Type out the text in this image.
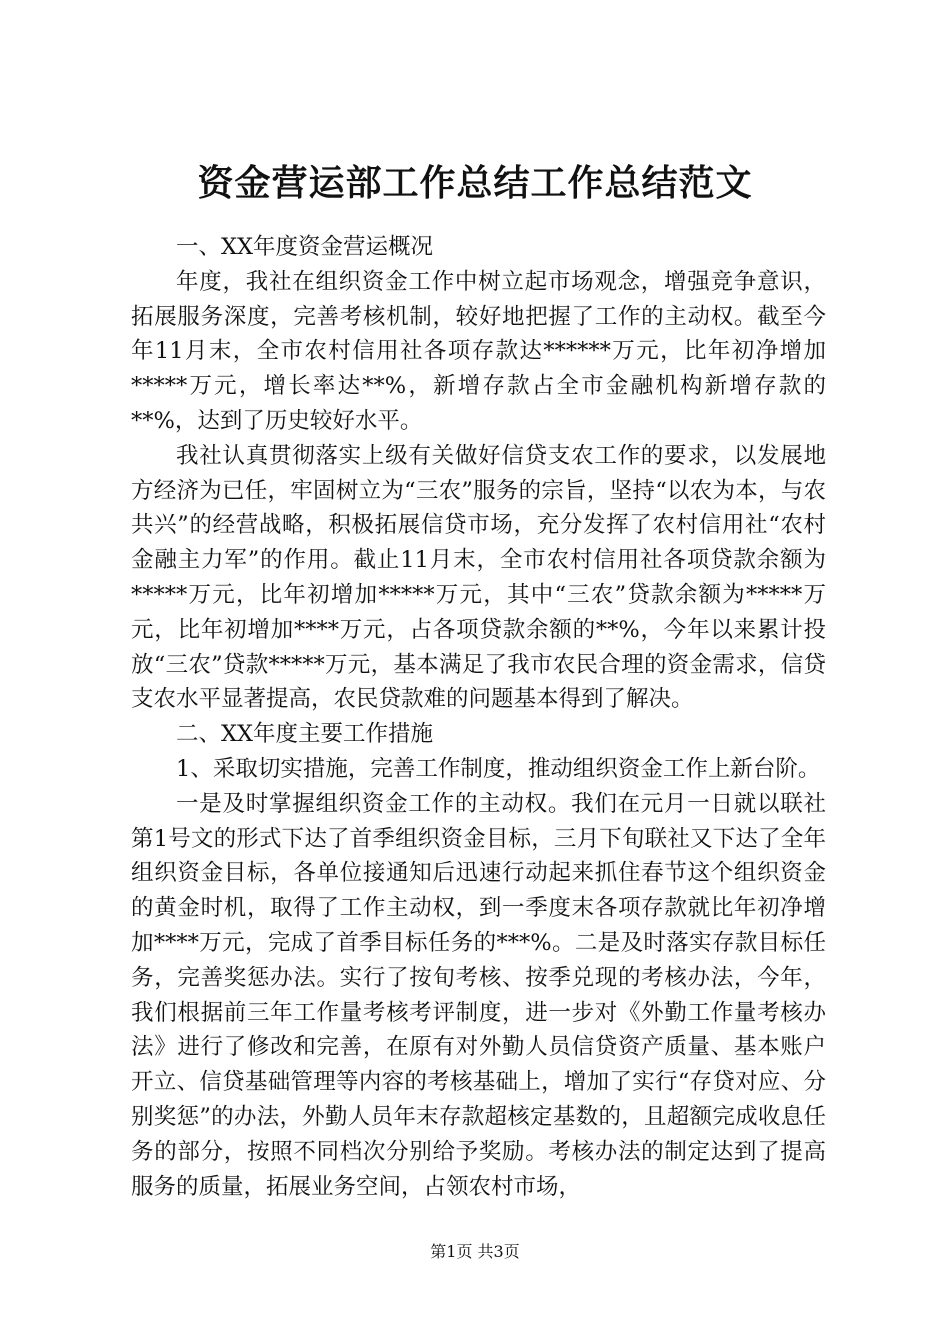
资金营运部工作总结工作总结范文

一、XX年度资金营运概况

年度，我社在组织资金工作中树立起市场观念，增强竞争意识，拓展服务深度，完善考核机制，较好地把握了工作的主动权。截至今年11月末，全市农村信用社各项存款达******万元，比年初净增加*****万元，增长率达**%，新增存款占全市金融机构新增存款的**%，达到了历史较好水平。

我社认真贯彻落实上级有关做好信贷支农工作的要求，以发展地方经济为已任，牢固树立为“三农”服务的宗旨，坚持“以农为本，与农共兴”的经营战略，积极拓展信贷市场，充分发挥了农村信用社“农村金融主力军”的作用。截止11月末，全市农村信用社各项贷款余额为*****万元，比年初增加*****万元，其中“三农”贷款余额为*****万元，比年初增加****万元，占各项贷款余额的**%，今年以来累计投放“三农”贷款*****万元，基本满足了我市农民合理的资金需求，信贷支农水平显著提高，农民贷款难的问题基本得到了解决。

二、XX年度主要工作措施

1、采取切实措施，完善工作制度，推动组织资金工作上新台阶。

一是及时掌握组织资金工作的主动权。我们在元月一日就以联社第1号文的形式下达了首季组织资金目标，三月下旬联社又下达了全年组织资金目标，各单位接通知后迅速行动起来抓住春节这个组织资金的黄金时机，取得了工作主动权，到一季度末各项存款就比年初净增加****万元，完成了首季目标任务的***%。二是及时落实存款目标任务，完善奖惩办法。实行了按旬考核、按季兑现的考核办法，今年，我们根据前三年工作量考核考评制度，进一步对《外勤工作量考核办法》进行了修改和完善，在原有对外勤人员信贷资产质量、基本账户开立、信贷基础管理等内容的考核基础上，增加了实行“存贷对应、分别奖惩”的办法，外勤人员年末存款超核定基数的，且超额完成收息任务的部分，按照不同档次分别给予奖励。考核办法的制定达到了提高服务的质量，拓展业务空间，占领农村市场，

第1页 共3页
